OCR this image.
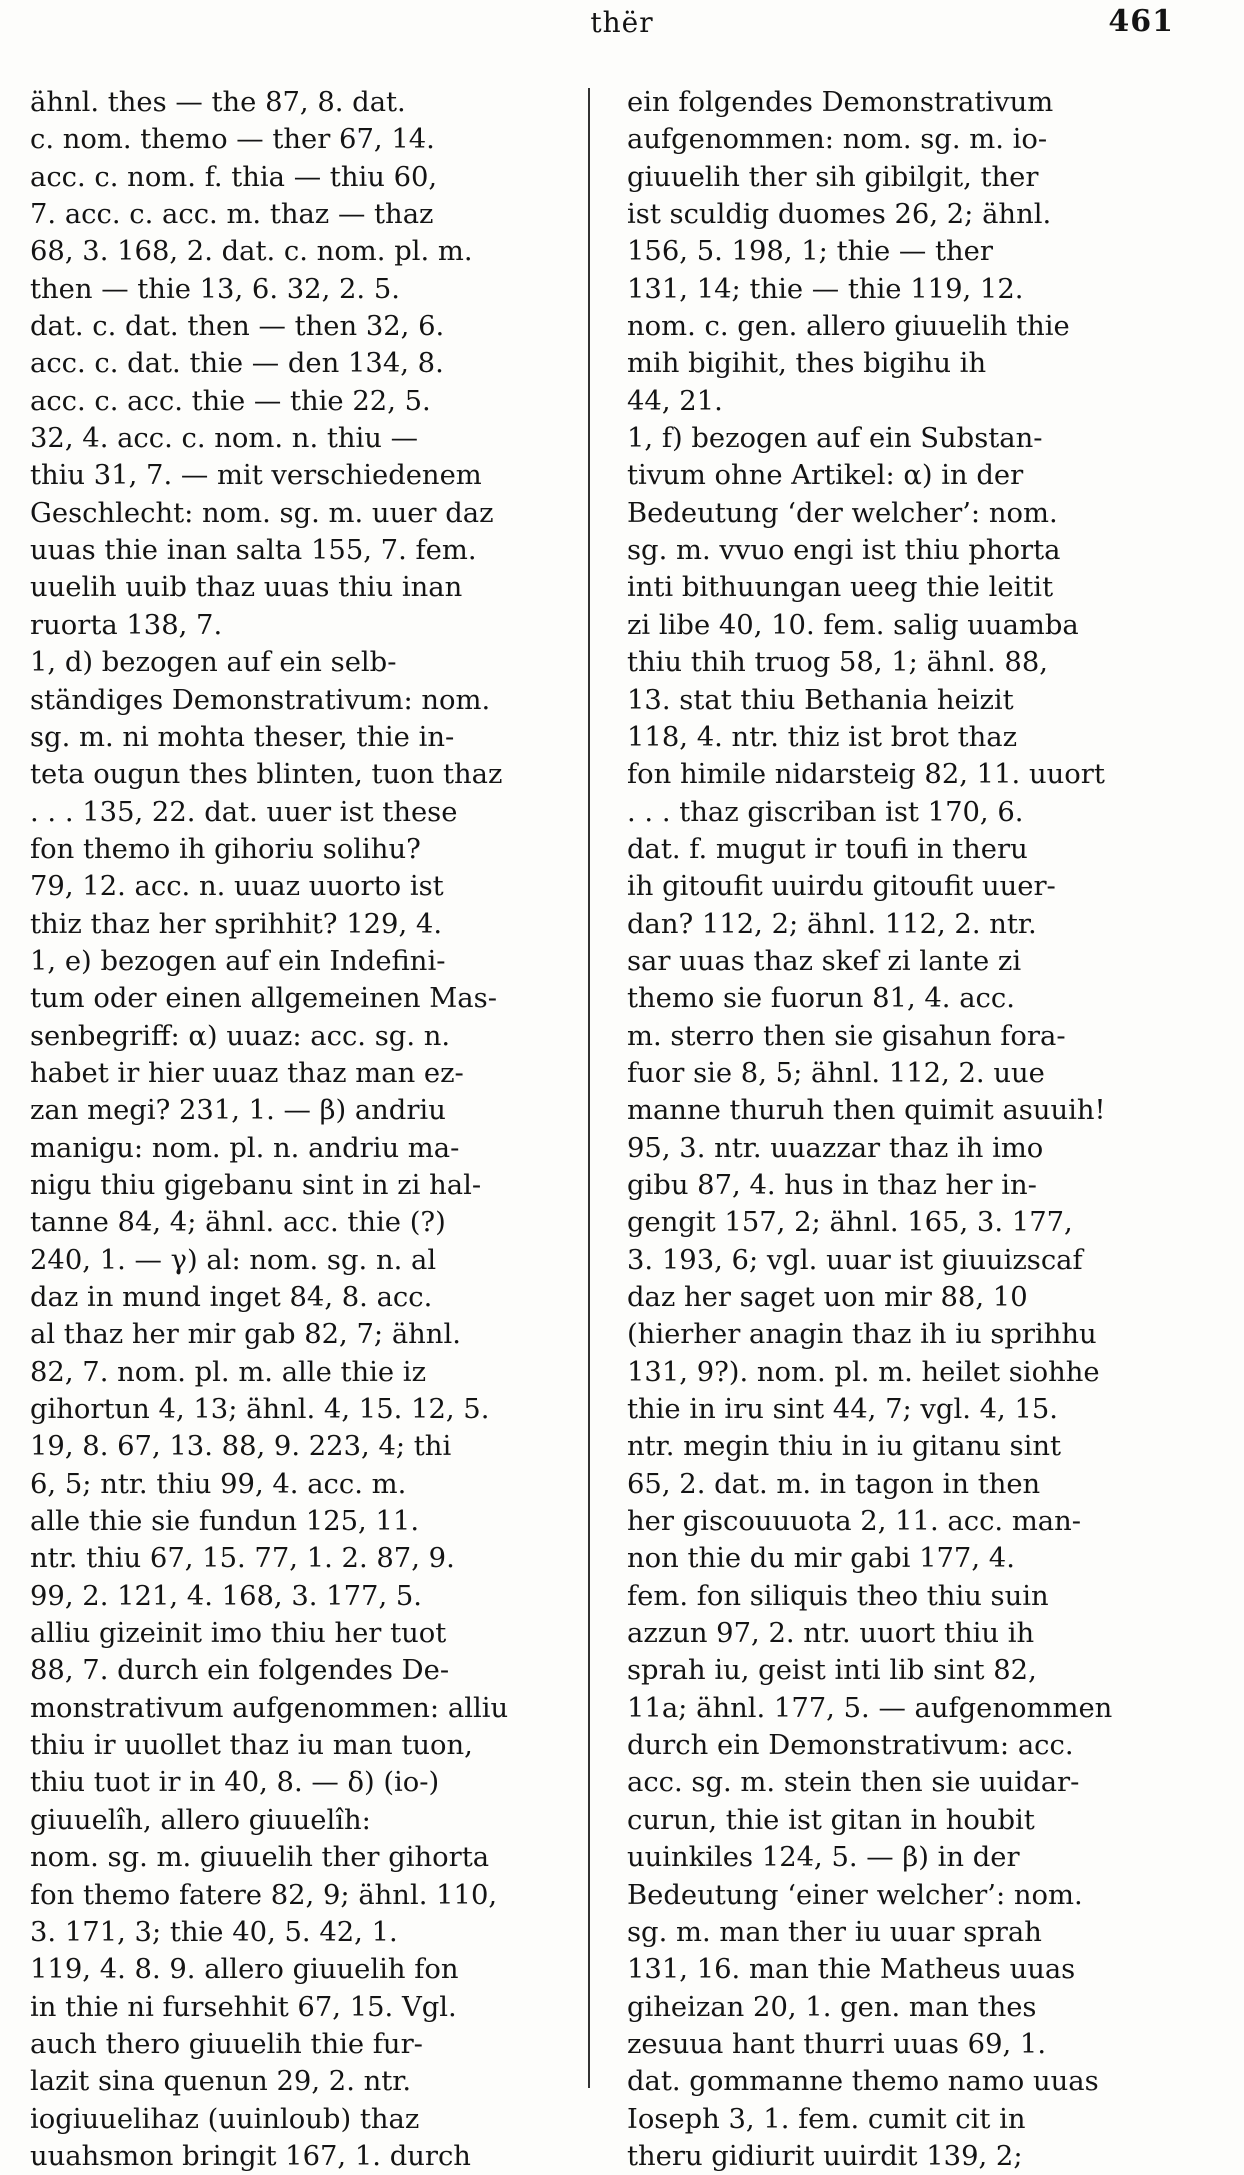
thër	461
ähnl. thes — the 87, 8. dat.
c. nom. themo — ther 67, 14.
acc. c. nom. f. thia — thiu 60,
7. acc. c. acc. m. thaz — thaz
68, 3. 168, 2. dat. c. nom. pl. m.
then — thie 13, 6. 32, 2. 5.
dat. c. dat. then — then 32, 6.
acc. c. dat. thie — den 134, 8.
acc. c. acc. thie — thie 22, 5.
32, 4. acc. c. nom. n. thiu —
thiu 31, 7. — mit verschiedenem
Geschlecht: nom. sg. m. uuer daz
uuas thie inan salta 155, 7. fem.
uuelih uuib thaz uuas thiu inan
ruorta 138, 7.
1, d) bezogen auf ein selb-
ständiges Demonstrativum: nom.
sg. m. ni mohta theser, thie in-
teta ougun thes blinten, tuon thaz
. . . 135, 22. dat. uuer ist these
fon themo ih gihoriu solihu?
79, 12. acc. n. uuaz uuorto ist
thiz thaz her sprihhit? 129, 4.
1, e) bezogen auf ein Indefini-
tum oder einen allgemeinen Mas-
senbegriff: α) uuaz: acc. sg. n.
habet ir hier uuaz thaz man ez-
zan megi? 231, 1. — β) andriu
manigu: nom. pl. n. andriu ma-
nigu thiu gigebanu sint in zi hal-
tanne 84, 4; ähnl. acc. thie (?)
240, 1. — γ) al: nom. sg. n. al
daz in mund inget 84, 8. acc.
al thaz her mir gab 82, 7; ähnl.
82, 7. nom. pl. m. alle thie iz
gihortun 4, 13; ähnl. 4, 15. 12, 5.
19, 8. 67, 13. 88, 9. 223, 4; thi
6, 5; ntr. thiu 99, 4. acc. m.
alle thie sie fundun 125, 11.
ntr. thiu 67, 15. 77, 1. 2. 87, 9.
99, 2. 121, 4. 168, 3. 177, 5.
alliu gizeinit imo thiu her tuot
88, 7. durch ein folgendes De-
monstrativum aufgenommen: alliu
thiu ir uuollet thaz iu man tuon,
thiu tuot ir in 40, 8. — δ) (io-)
giuuelîh, allero giuuelîh:
nom. sg. m. giuuelih ther gihorta
fon themo fatere 82, 9; ähnl. 110,
3. 171, 3; thie 40, 5. 42, 1.
119, 4. 8. 9. allero giuuelih fon
in thie ni fursehhit 67, 15. Vgl.
auch thero giuuelih thie fur-
lazit sina quenun 29, 2. ntr.
iogiuuelihaz (uuinloub) thaz
uuahsmon bringit 167, 1. durch
ein folgendes Demonstrativum
aufgenommen: nom. sg. m. io-
giuuelih ther sih gibilgit, ther
ist sculdig duomes 26, 2; ähnl.
156, 5. 198, 1; thie — ther
131, 14; thie — thie 119, 12.
nom. c. gen. allero giuuelih thie
mih bigihit, thes bigihu ih
44, 21.
1, f) bezogen auf ein Substan-
tivum ohne Artikel: α) in der
Bedeutung ‘der welcher’: nom.
sg. m. vvuo engi ist thiu phorta
inti bithuungan ueeg thie leitit
zi libe 40, 10. fem. salig uuamba
thiu thih truog 58, 1; ähnl. 88,
13. stat thiu Bethania heizit
118, 4. ntr. thiz ist brot thaz
fon himile nidarsteig 82, 11. uuort
. . . thaz giscriban ist 170, 6.
dat. f. mugut ir toufi in theru
ih gitoufit uuirdu gitoufit uuer-
dan? 112, 2; ähnl. 112, 2. ntr.
sar uuas thaz skef zi lante zi
themo sie fuorun 81, 4. acc.
m. sterro then sie gisahun fora-
fuor sie 8, 5; ähnl. 112, 2. uue
manne thuruh then quimit asuuih!
95, 3. ntr. uuazzar thaz ih imo
gibu 87, 4. hus in thaz her in-
gengit 157, 2; ähnl. 165, 3. 177,
3. 193, 6; vgl. uuar ist giuuizscaf
daz her saget uon mir 88, 10
(hierher anagin thaz ih iu sprihhu
131, 9?). nom. pl. m. heilet siohhe
thie in iru sint 44, 7; vgl. 4, 15.
ntr. megin thiu in iu gitanu sint
65, 2. dat. m. in tagon in then
her giscouuuota 2, 11. acc. man-
non thie du mir gabi 177, 4.
fem. fon siliquis theo thiu suin
azzun 97, 2. ntr. uuort thiu ih
sprah iu, geist inti lib sint 82,
11a; ähnl. 177, 5. — aufgenommen
durch ein Demonstrativum: acc.
acc. sg. m. stein then sie uuidar-
curun, thie ist gitan in houbit
uuinkiles 124, 5. — β) in der
Bedeutung ‘einer welcher’: nom.
sg. m. man ther iu uuar sprah
131, 16. man thie Matheus uuas
giheizan 20, 1. gen. man thes
zesuua hant thurri uuas 69, 1.
dat. gommanne themo namo uuas
Ioseph 3, 1. fem. cumit cit in
theru gidiurit uuirdit 139, 2;
